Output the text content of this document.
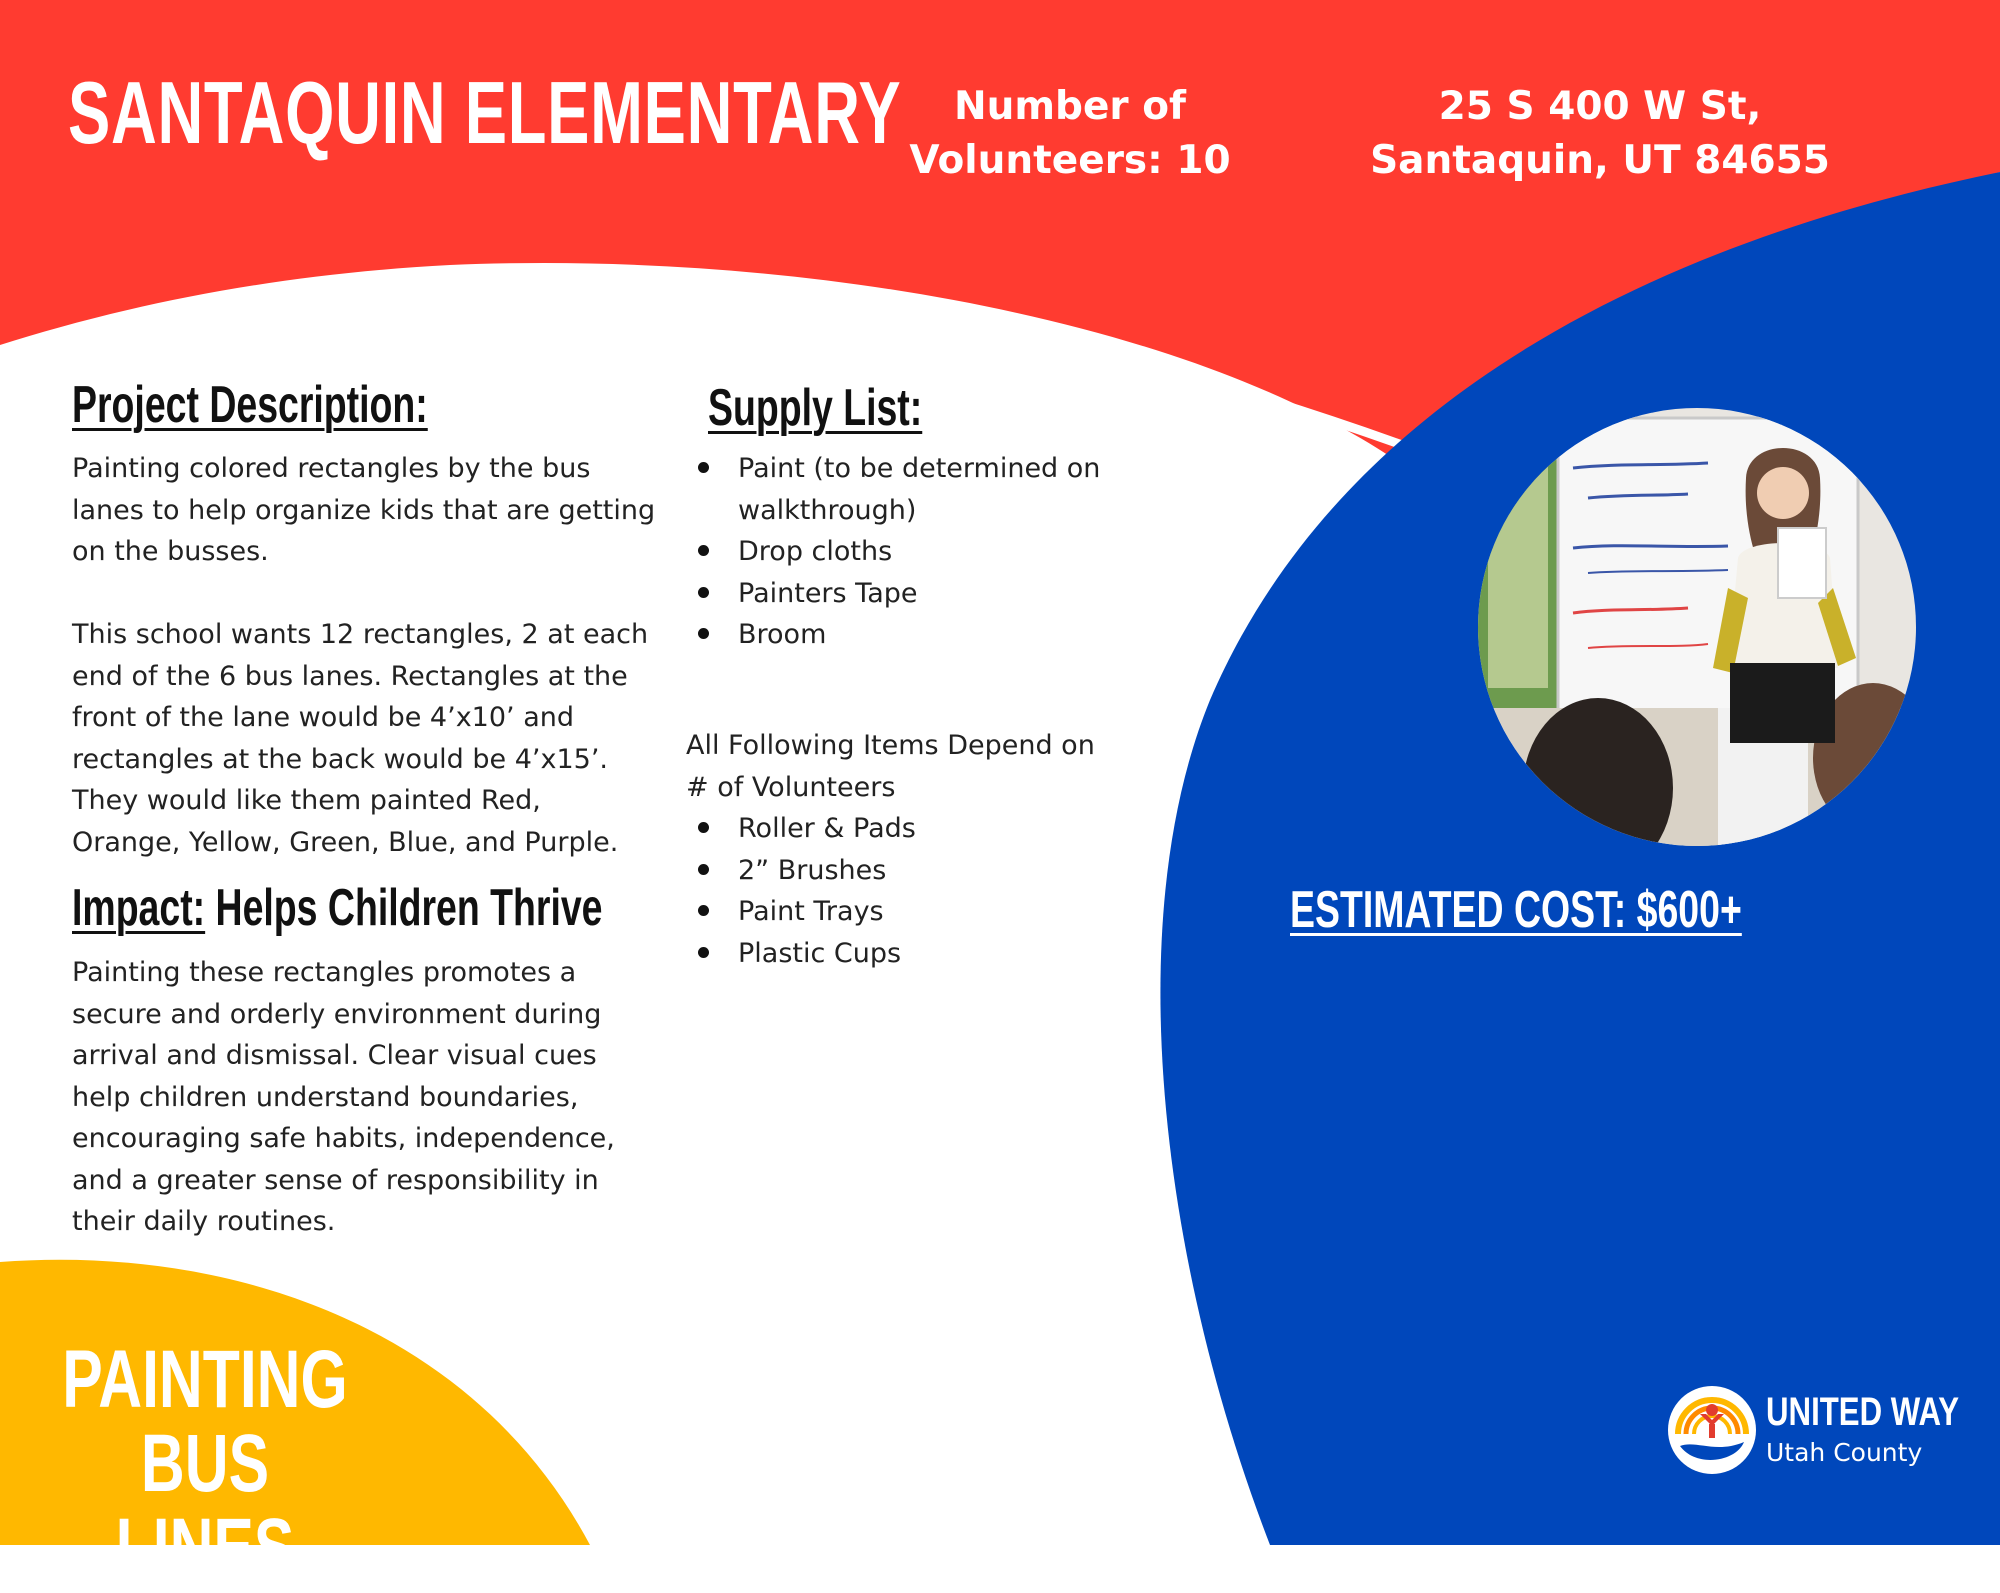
SANTAQUIN ELEMENTARY	Number of
Volunteers: 10
25 S 400 W St,
Santaquin, UT 84655
Project Description:

Painting colored rectangles by the bus lanes to help organize kids that are getting on the busses.

This school wants 12 rectangles, 2 at each end of the 6 bus lanes. Rectangles at the front of the lane would be 4’x10’ and rectangles at the back would be 4’x15’. They would like them painted Red, Orange, Yellow, Green, Blue, and Purple.

Impact: Helps Children Thrive
Painting these rectangles promotes a secure and orderly environment during arrival and dismissal. Clear visual cues help children understand boundaries, encouraging safe habits, independence, and a greater sense of responsibility in their daily routines.
Supply List:
Paint (to be determined on walkthrough)
Drop cloths
Painters Tape
Broom
All Following Items Depend on # of Volunteers
Roller & Pads
2” Brushes
Paint Trays
Plastic Cups
ESTIMATED COST: $600+
PAINTING BUS
LINES
UNITED WAY
Utah County
